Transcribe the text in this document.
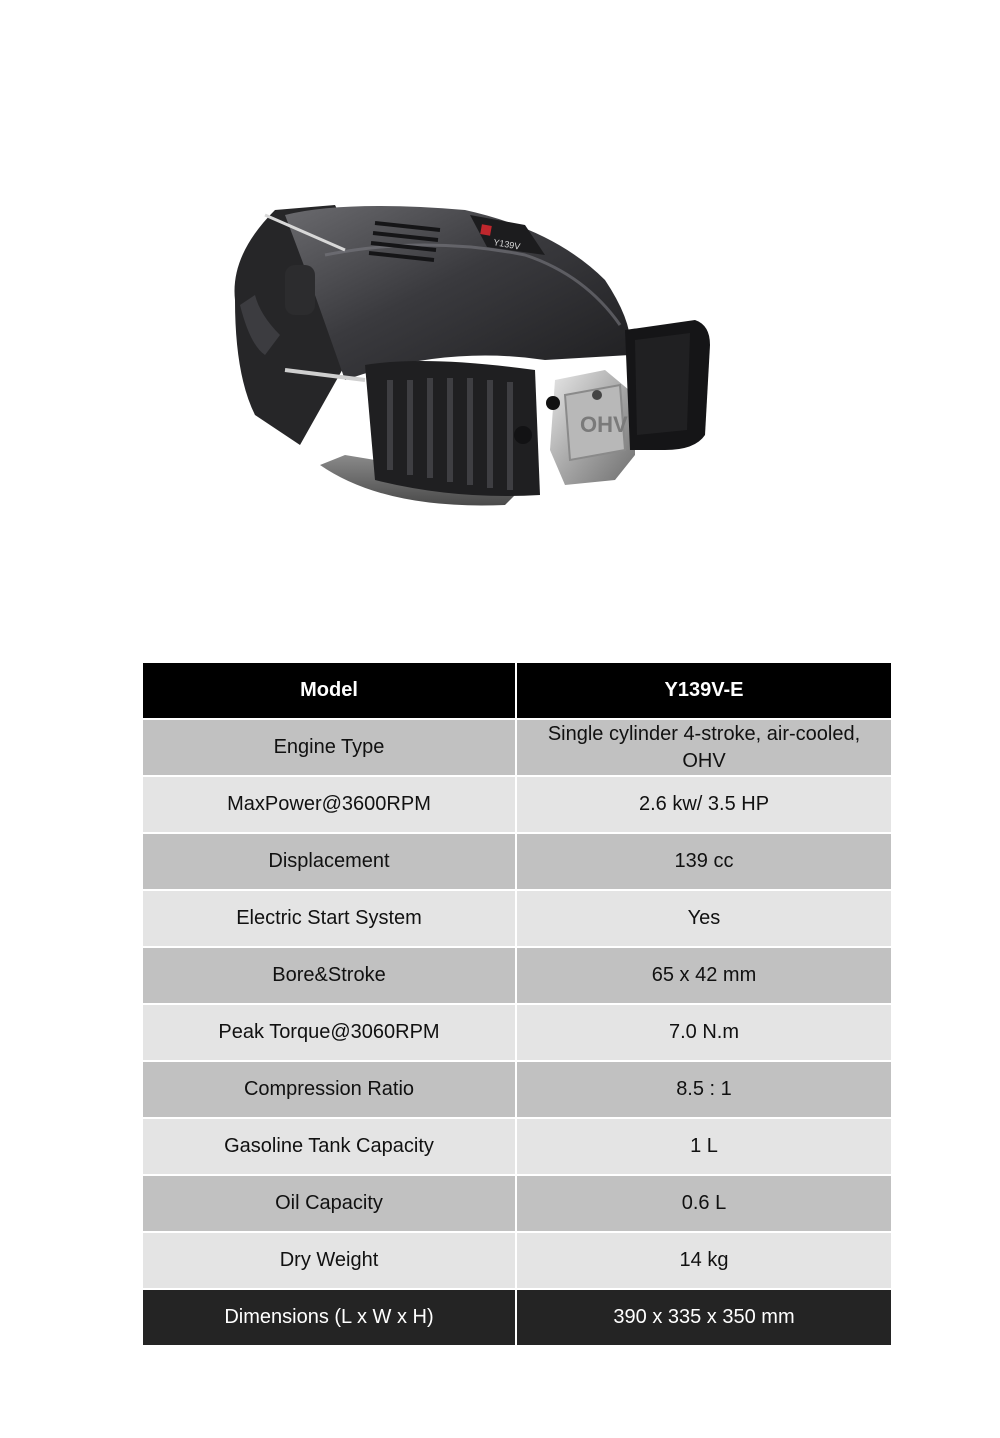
Y139V
OHV
Model	Y139V-E
Engine Type	Single cylinder 4-stroke, air-cooled, OHV
MaxPower@3600RPM	2.6 kw/ 3.5 HP
Displacement	139 cc
Electric Start System	Yes
Bore&Stroke	65 x 42 mm
Peak Torque@3060RPM	7.0 N.m
Compression Ratio	8.5 : 1
Gasoline Tank Capacity	1 L
Oil Capacity	0.6 L
Dry Weight	14 kg
Dimensions (L x W x H)	390 x 335 x 350 mm
